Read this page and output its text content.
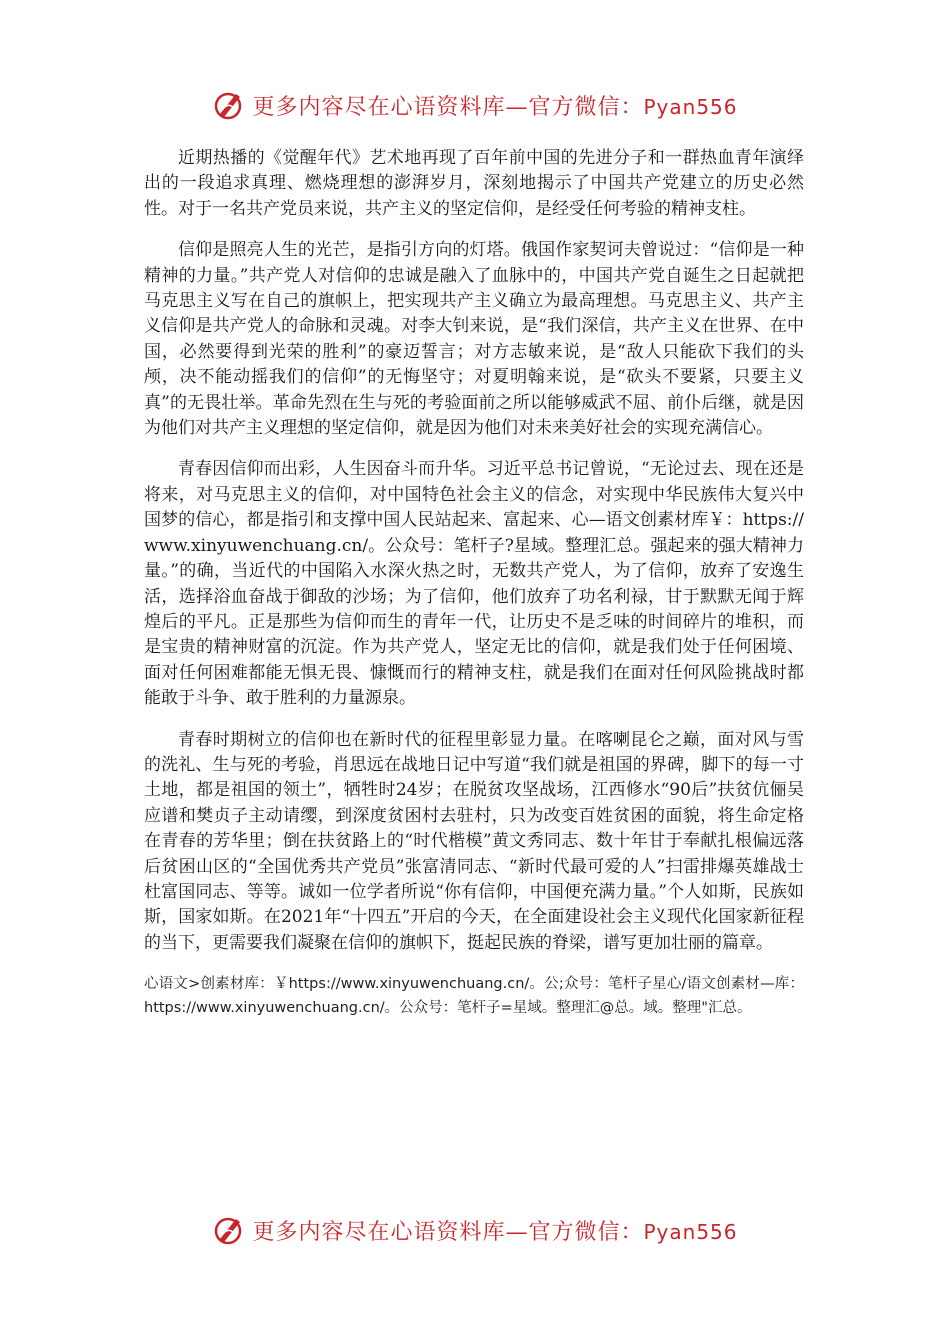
更多内容尽在心语资料库—官方微信：Pyan556

近期热播的《觉醒年代》艺术地再现了百年前中国的先进分子和一群热血青年演绎出的一段追求真理、燃烧理想的澎湃岁月，深刻地揭示了中国共产党建立的历史必然性。对于一名共产党员来说，共产主义的坚定信仰，是经受任何考验的精神支柱。

信仰是照亮人生的光芒，是指引方向的灯塔。俄国作家契诃夫曾说过：“信仰是一种精神的力量。”共产党人对信仰的忠诚是融入了血脉中的，中国共产党自诞生之日起就把马克思主义写在自己的旗帜上，把实现共产主义确立为最高理想。马克思主义、共产主义信仰是共产党人的命脉和灵魂。对李大钊来说，是“我们深信，共产主义在世界、在中国，必然要得到光荣的胜利”的豪迈誓言；对方志敏来说，是“敌人只能砍下我们的头颅，决不能动摇我们的信仰”的无悔坚守；对夏明翰来说，是“砍头不要紧，只要主义真”的无畏壮举。革命先烈在生与死的考验面前之所以能够威武不屈、前仆后继，就是因为他们对共产主义理想的坚定信仰，就是因为他们对未来美好社会的实现充满信心。

青春因信仰而出彩，人生因奋斗而升华。习近平总书记曾说，“无论过去、现在还是将来，对马克思主义的信仰，对中国特色社会主义的信念，对实现中华民族伟大复兴中国梦的信心，都是指引和支撑中国人民站起来、富起来、心—语文创素材库￥：https://www.xinyuwenchuang.cn/。公众号：笔杆子?星域。整理汇总。强起来的强大精神力量。”的确，当近代的中国陷入水深火热之时，无数共产党人，为了信仰，放弃了安逸生活，选择浴血奋战于御敌的沙场；为了信仰，他们放弃了功名利禄，甘于默默无闻于辉煌后的平凡。正是那些为信仰而生的青年一代，让历史不是乏味的时间碎片的堆积，而是宝贵的精神财富的沉淀。作为共产党人，坚定无比的信仰，就是我们处于任何困境、面对任何困难都能无惧无畏、慷慨而行的精神支柱，就是我们在面对任何风险挑战时都能敢于斗争、敢于胜利的力量源泉。

青春时期树立的信仰也在新时代的征程里彰显力量。在喀喇昆仑之巅，面对风与雪的洗礼、生与死的考验，肖思远在战地日记中写道“我们就是祖国的界碑，脚下的每一寸土地，都是祖国的领土”，牺牲时24岁；在脱贫攻坚战场，江西修水“90后”扶贫伉俪吴应谱和樊贞子主动请缨，到深度贫困村去驻村，只为改变百姓贫困的面貌，将生命定格在青春的芳华里；倒在扶贫路上的“时代楷模”黄文秀同志、数十年甘于奉献扎根偏远落后贫困山区的“全国优秀共产党员”张富清同志、“新时代最可爱的人”扫雷排爆英雄战士杜富国同志、等等。诚如一位学者所说“你有信仰，中国便充满力量。”个人如斯，民族如斯，国家如斯。在2021年“十四五”开启的今天，在全面建设社会主义现代化国家新征程的当下，更需要我们凝聚在信仰的旗帜下，挺起民族的脊梁，谱写更加壮丽的篇章。

心语文>创素材库：￥https://www.xinyuwenchuang.cn/。公;众号：笔杆子星心/语文创素材—库：https://www.xinyuwenchuang.cn/。公众号：笔杆子=星域。整理汇@总。域。整理"汇总。

更多内容尽在心语资料库—官方微信：Pyan556
